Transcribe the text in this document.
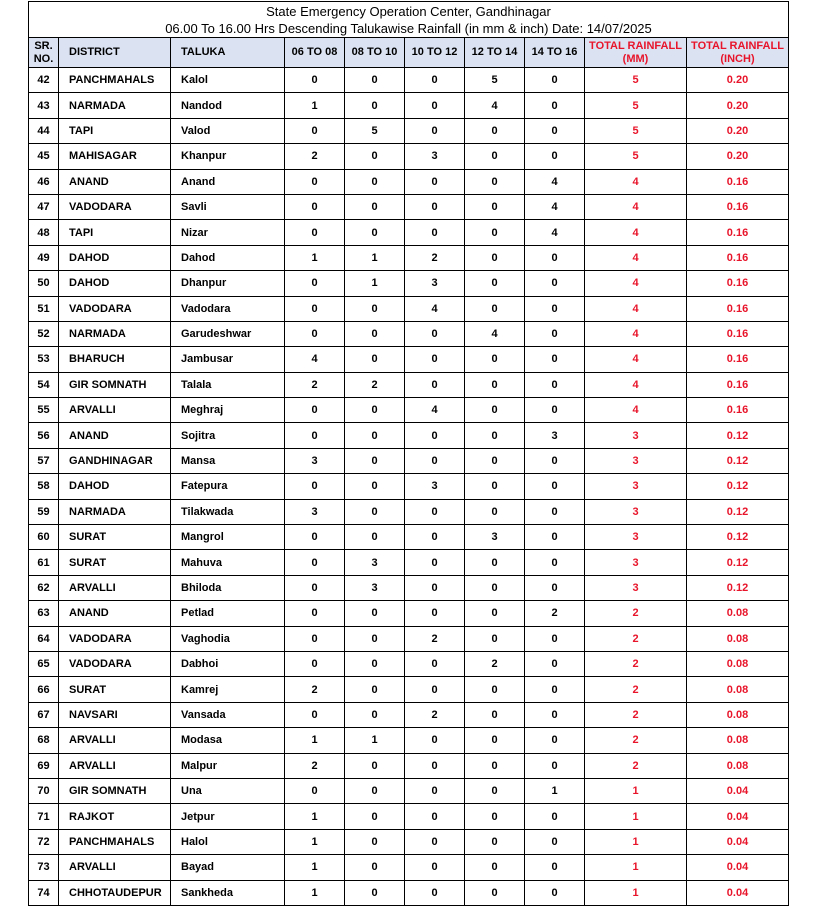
State Emergency Operation Center, Gandhinagar
06.00 To 16.00 Hrs Descending Talukawise Rainfall (in mm & inch) Date: 14/07/2025
SR. NO.	DISTRICT	TALUKA	06 TO 08	08 TO 10	10 TO 12	12 TO 14	14 TO 16	TOTAL RAINFALL (MM)	TOTAL RAINFALL (INCH)
42	PANCHMAHALS	Kalol	0	0	0	5	0	5	0.20
43	NARMADA	Nandod	1	0	0	4	0	5	0.20
44	TAPI	Valod	0	5	0	0	0	5	0.20
45	MAHISAGAR	Khanpur	2	0	3	0	0	5	0.20
46	ANAND	Anand	0	0	0	0	4	4	0.16
47	VADODARA	Savli	0	0	0	0	4	4	0.16
48	TAPI	Nizar	0	0	0	0	4	4	0.16
49	DAHOD	Dahod	1	1	2	0	0	4	0.16
50	DAHOD	Dhanpur	0	1	3	0	0	4	0.16
51	VADODARA	Vadodara	0	0	4	0	0	4	0.16
52	NARMADA	Garudeshwar	0	0	0	4	0	4	0.16
53	BHARUCH	Jambusar	4	0	0	0	0	4	0.16
54	GIR SOMNATH	Talala	2	2	0	0	0	4	0.16
55	ARVALLI	Meghraj	0	0	4	0	0	4	0.16
56	ANAND	Sojitra	0	0	0	0	3	3	0.12
57	GANDHINAGAR	Mansa	3	0	0	0	0	3	0.12
58	DAHOD	Fatepura	0	0	3	0	0	3	0.12
59	NARMADA	Tilakwada	3	0	0	0	0	3	0.12
60	SURAT	Mangrol	0	0	0	3	0	3	0.12
61	SURAT	Mahuva	0	3	0	0	0	3	0.12
62	ARVALLI	Bhiloda	0	3	0	0	0	3	0.12
63	ANAND	Petlad	0	0	0	0	2	2	0.08
64	VADODARA	Vaghodia	0	0	2	0	0	2	0.08
65	VADODARA	Dabhoi	0	0	0	2	0	2	0.08
66	SURAT	Kamrej	2	0	0	0	0	2	0.08
67	NAVSARI	Vansada	0	0	2	0	0	2	0.08
68	ARVALLI	Modasa	1	1	0	0	0	2	0.08
69	ARVALLI	Malpur	2	0	0	0	0	2	0.08
70	GIR SOMNATH	Una	0	0	0	0	1	1	0.04
71	RAJKOT	Jetpur	1	0	0	0	0	1	0.04
72	PANCHMAHALS	Halol	1	0	0	0	0	1	0.04
73	ARVALLI	Bayad	1	0	0	0	0	1	0.04
74	CHHOTAUDEPUR	Sankheda	1	0	0	0	0	1	0.04
